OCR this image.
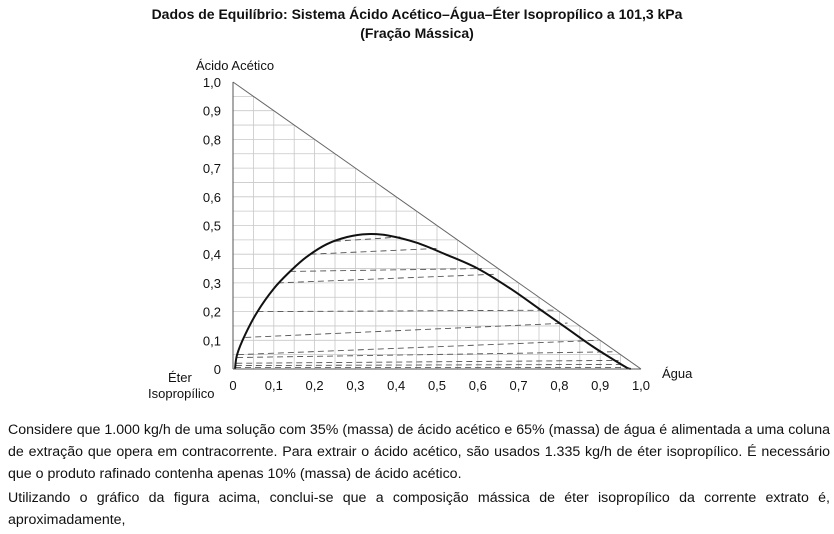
Dados de Equilíbrio: Sistema Ácido Acético–Água–Éter Isopropílico a 101,3 kPa
(Fração Mássica)
0 0,1 0,2 0,3 0,4 0,5 0,6 0,7 0,8 0,9 1,0
0
0,1
0,2
0,3
0,4
0,5
0,6
0,7
0,8
0,9
1,0
Ácido Acético
Água
Éter
Isopropílico

Considere que 1.000 kg/h de uma solução com 35% (massa) de ácido acético e 65% (massa) de água é alimentada a uma coluna de extração que opera em contracorrente. Para extrair o ácido acético, são usados 1.335 kg/h de éter isopropílico. É necessário que o produto rafinado contenha apenas 10% (massa) de ácido acético.

Utilizando o gráfico da figura acima, conclui-se que a composição mássica de éter isopropílico da corrente extrato é, aproximadamente,
